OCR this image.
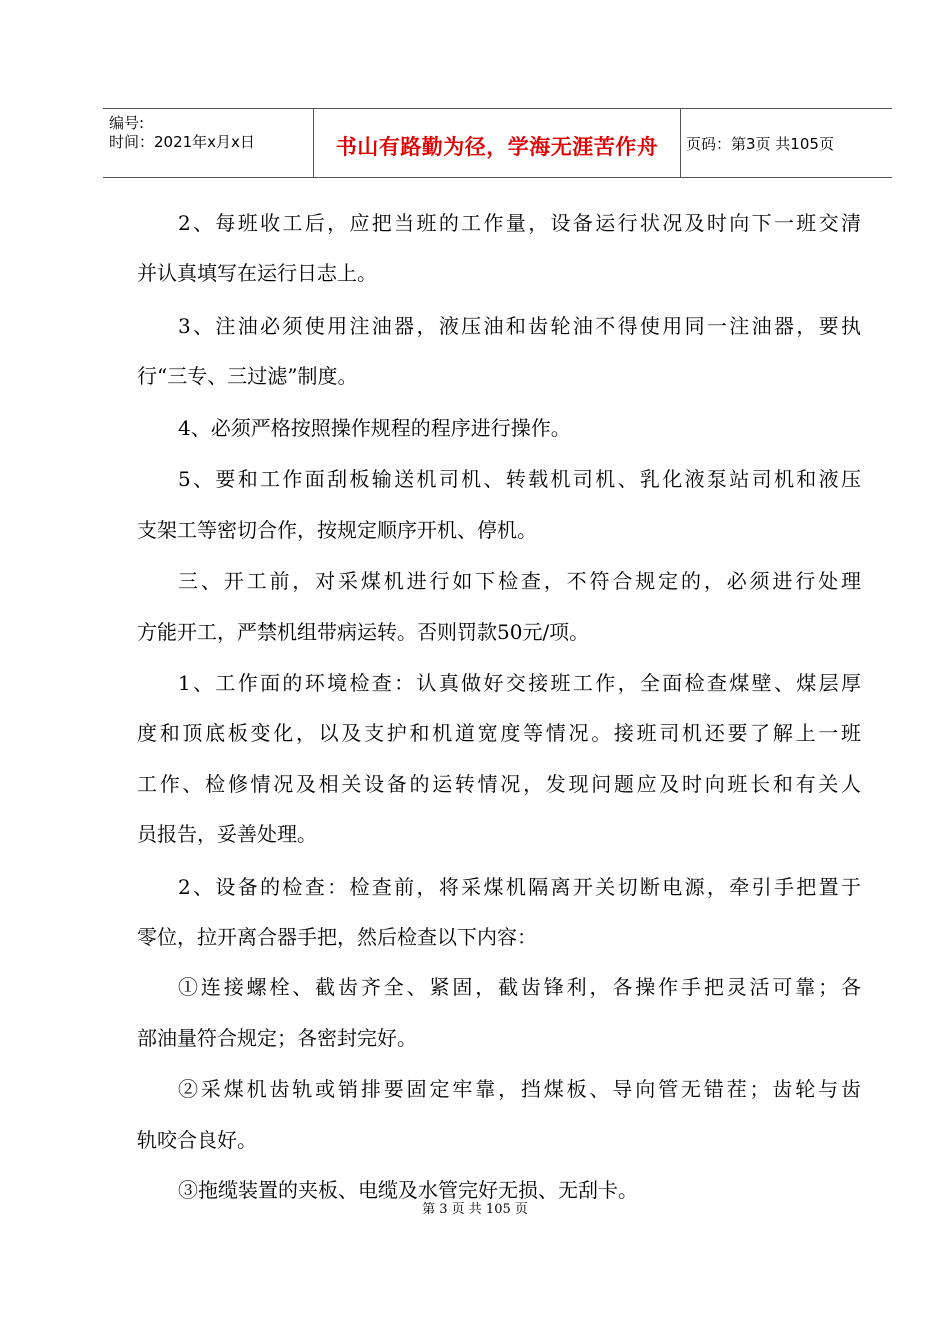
编号:
时间：2021年x月x日	书山有路勤为径，学海无涯苦作舟	页码：第3页 共105页
2、每班收工后，应把当班的工作量，设备运行状况及时向下一班交清
并认真填写在运行日志上。
3、注油必须使用注油器，液压油和齿轮油不得使用同一注油器，要执
行“三专、三过滤”制度。
4、必须严格按照操作规程的程序进行操作。
5、要和工作面刮板输送机司机、转载机司机、乳化液泵站司机和液压
支架工等密切合作，按规定顺序开机、停机。
三、开工前，对采煤机进行如下检查，不符合规定的，必须进行处理
方能开工，严禁机组带病运转。否则罚款50元/项。
1、工作面的环境检查：认真做好交接班工作，全面检查煤壁、煤层厚
度和顶底板变化，以及支护和机道宽度等情况。接班司机还要了解上一班
工作、检修情况及相关设备的运转情况，发现问题应及时向班长和有关人
员报告，妥善处理。
2、设备的检查：检查前，将采煤机隔离开关切断电源，牵引手把置于
零位，拉开离合器手把，然后检查以下内容：
①连接螺栓、截齿齐全、紧固，截齿锋利，各操作手把灵活可靠；各
部油量符合规定；各密封完好。
②采煤机齿轨或销排要固定牢靠，挡煤板、导向管无错茬；齿轮与齿
轨咬合良好。
③拖缆装置的夹板、电缆及水管完好无损、无刮卡。
第 3 页 共 105 页
